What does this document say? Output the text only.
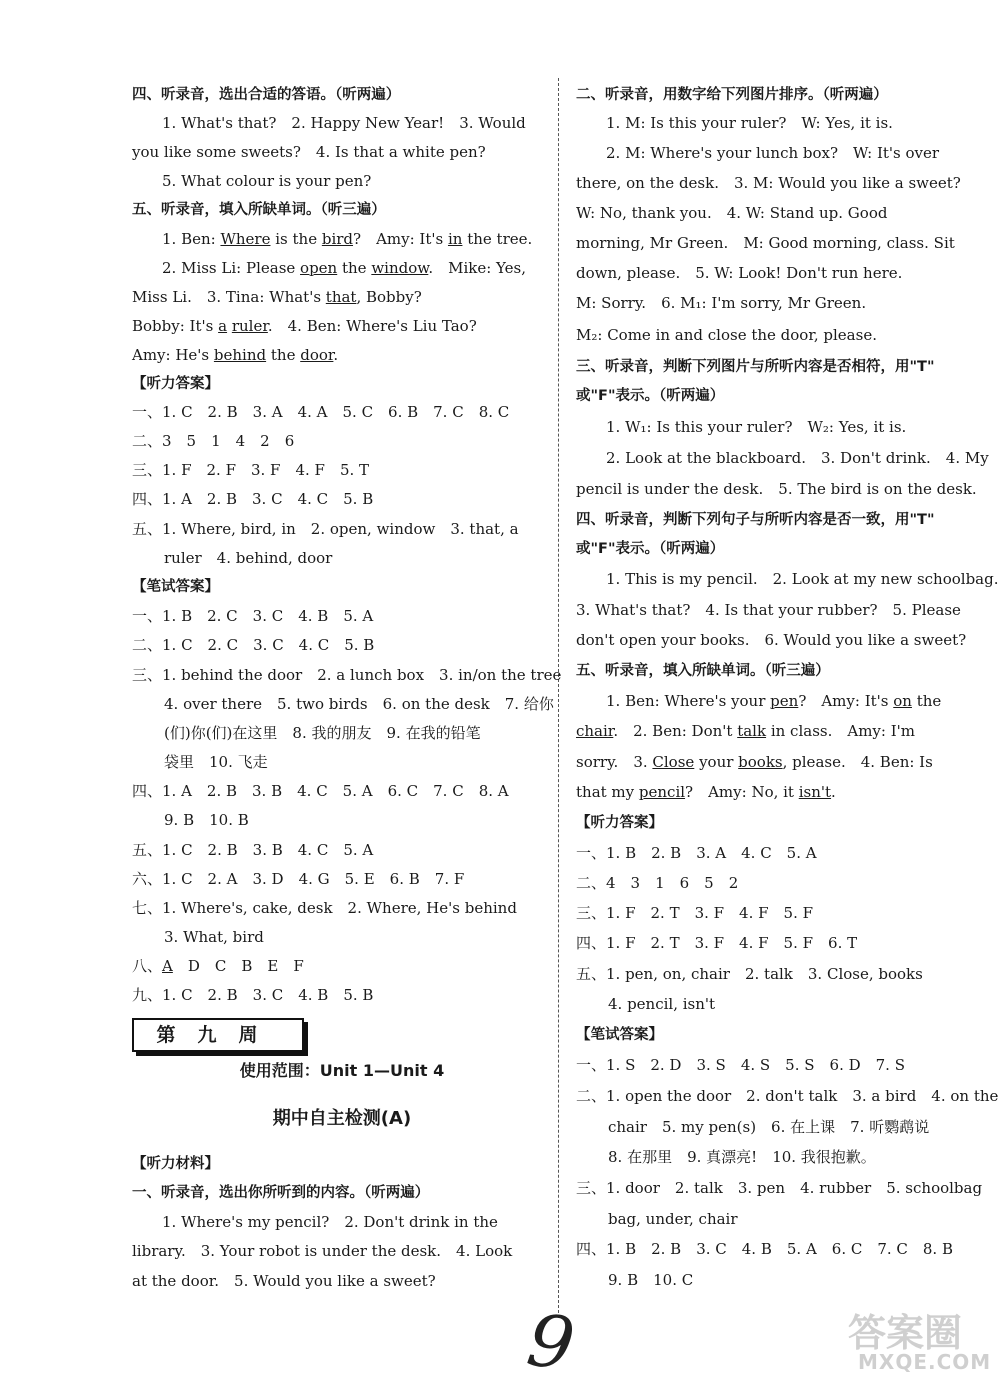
四、听录音，选出合适的答语。（听两遍）
1. What's that?　2. Happy New Year!　3. Would
you like some sweets?　4. Is that a white pen?
5. What colour is your pen?
五、听录音，填入所缺单词。（听三遍）
1. Ben: Where is the bird?　Amy: It's in the tree.
2. Miss Li: Please open the window.　Mike: Yes,
Miss Li.　3. Tina: What's that, Bobby?
Bobby: It's a ruler.　4. Ben: Where's Liu Tao?
Amy: He's behind the door.
【听力答案】
一、1. C　2. B　3. A　4. A　5. C　6. B　7. C　8. C
二、3　5　1　4　2　6
三、1. F　2. F　3. F　4. F　5. T
四、1. A　2. B　3. C　4. C　5. B
五、1. Where, bird, in　2. open, window　3. that, a
ruler　4. behind, door
【笔试答案】
一、1. B　2. C　3. C　4. B　5. A
二、1. C　2. C　3. C　4. C　5. B
三、1. behind the door　2. a lunch box　3. in/on the tree
4. over there　5. two birds　6. on the desk　7. 给你
(们)你(们)在这里　8. 我的朋友　9. 在我的铅笔
袋里　10. 飞走
四、1. A　2. B　3. B　4. C　5. A　6. C　7. C　8. A
9. B　10. B
五、1. C　2. B　3. B　4. C　5. A
六、1. C　2. A　3. D　4. G　5. E　6. B　7. F
七、1. Where's, cake, desk　2. Where, He's behind
3. What, bird
八、A　D　C　B　E　F
九、1. C　2. B　3. C　4. B　5. B
第九周
使用范围：Unit 1—Unit 4
期中自主检测(A)
【听力材料】
一、听录音，选出你所听到的内容。（听两遍）
1. Where's my pencil?　2. Don't drink in the
library.　3. Your robot is under the desk.　4. Look
at the door.　5. Would you like a sweet?
二、听录音，用数字给下列图片排序。（听两遍）
1. M: Is this your ruler?　W: Yes, it is.
2. M: Where's your lunch box?　W: It's over
there, on the desk.　3. M: Would you like a sweet?
W: No, thank you.　4. W: Stand up. Good
morning, Mr Green.　M: Good morning, class. Sit
down, please.　5. W: Look! Don't run here.
M: Sorry.　6. M₁: I'm sorry, Mr Green.
M₂: Come in and close the door, please.
三、听录音，判断下列图片与所听内容是否相符，用"T"
或"F"表示。（听两遍）
1. W₁: Is this your ruler?　W₂: Yes, it is.
2. Look at the blackboard.　3. Don't drink.　4. My
pencil is under the desk.　5. The bird is on the desk.
四、听录音，判断下列句子与所听内容是否一致，用"T"
或"F"表示。（听两遍）
1. This is my pencil.　2. Look at my new schoolbag.
3. What's that?　4. Is that your rubber?　5. Please
don't open your books.　6. Would you like a sweet?
五、听录音，填入所缺单词。（听三遍）
1. Ben: Where's your pen?　Amy: It's on the
chair.　2. Ben: Don't talk in class.　Amy: I'm
sorry.　3. Close your books, please.　4. Ben: Is
that my pencil?　Amy: No, it isn't.
【听力答案】
一、1. B　2. B　3. A　4. C　5. A
二、4　3　1　6　5　2
三、1. F　2. T　3. F　4. F　5. F
四、1. F　2. T　3. F　4. F　5. F　6. T
五、1. pen, on, chair　2. talk　3. Close, books
4. pencil, isn't
【笔试答案】
一、1. S　2. D　3. S　4. S　5. S　6. D　7. S
二、1. open the door　2. don't talk　3. a bird　4. on the
chair　5. my pen(s)　6. 在上课　7. 听鹦鹉说
8. 在那里　9. 真漂亮!　10. 我很抱歉。
三、1. door　2. talk　3. pen　4. rubber　5. schoolbag
bag, under, chair
四、1. B　2. B　3. C　4. B　5. A　6. C　7. C　8. B
9. B　10. C
9	答案圈
MXQE.COM
